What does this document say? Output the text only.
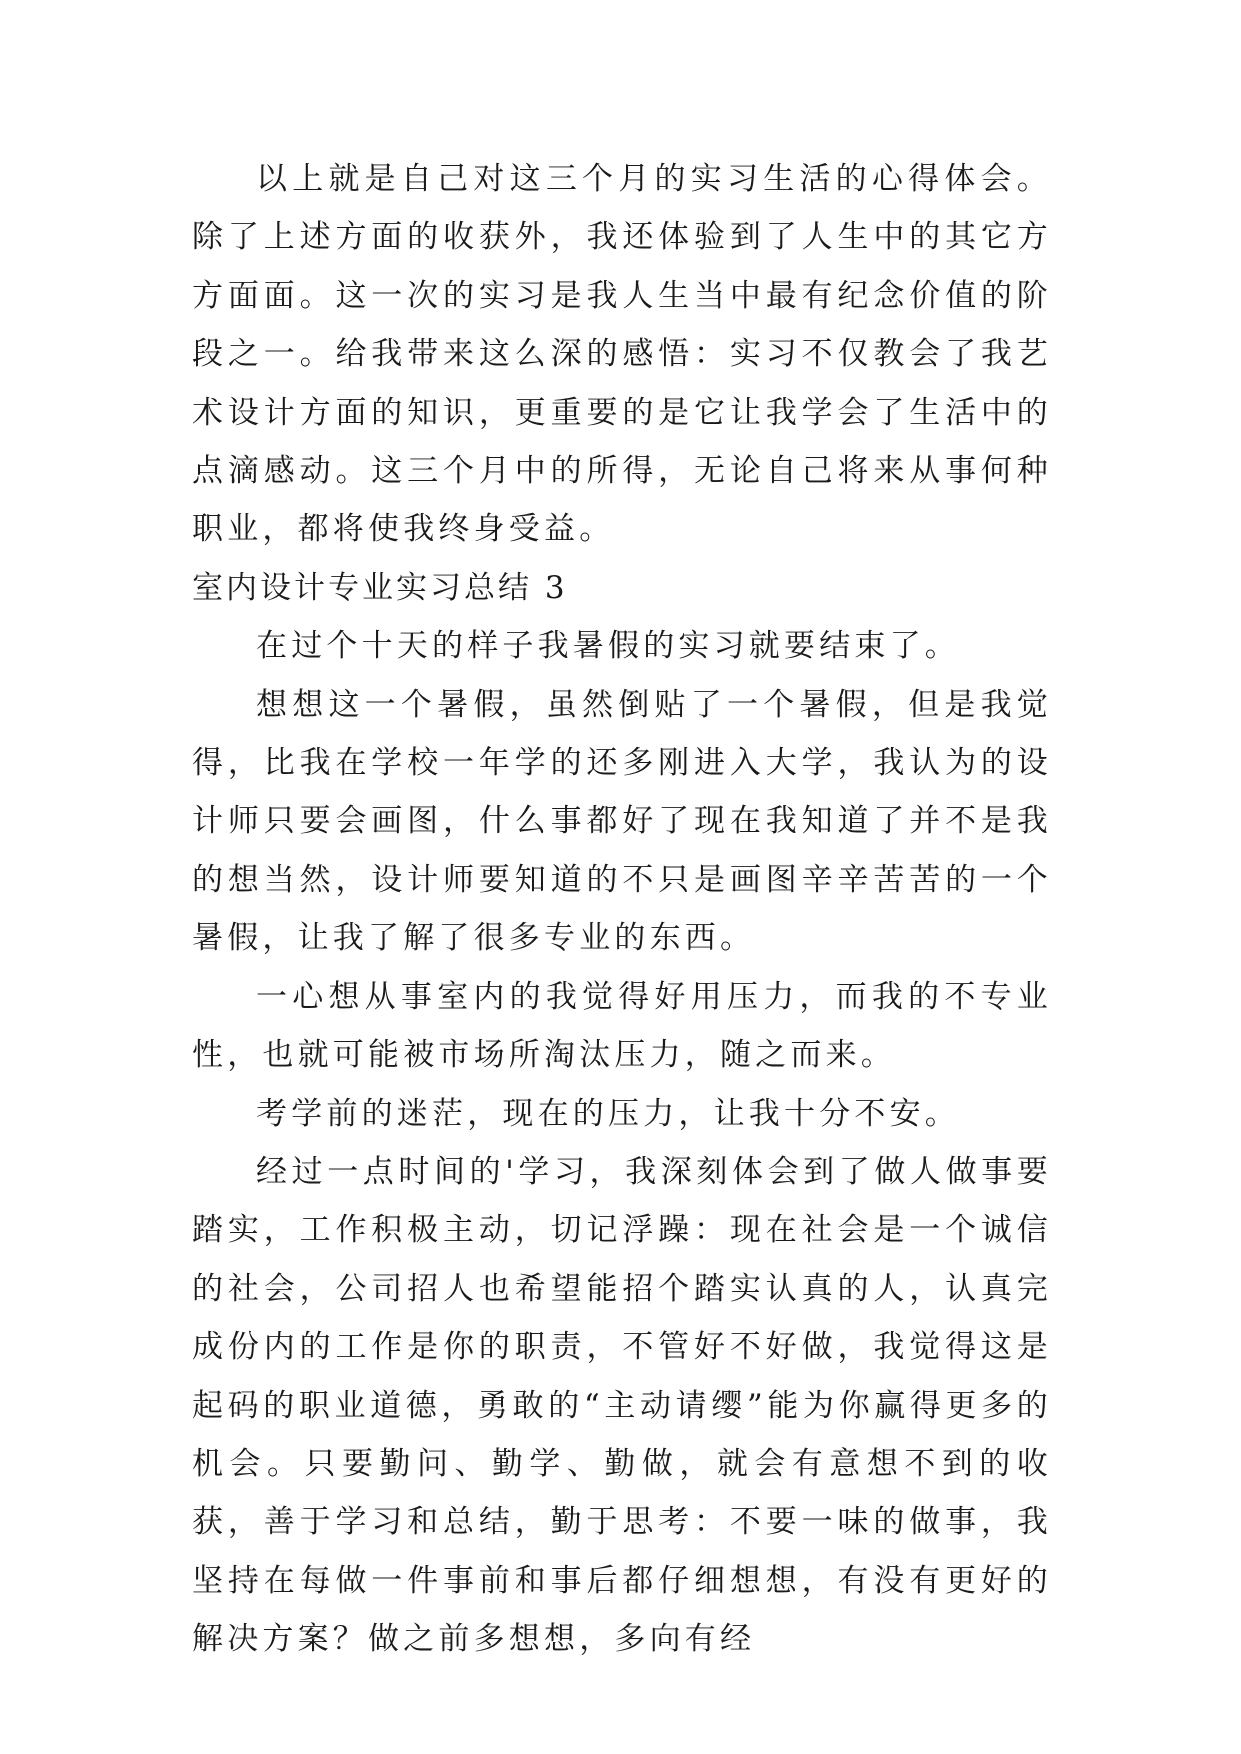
以上就是自己对这三个月的实习生活的心得体会。除了上述方面的收获外，我还体验到了人生中的其它方方面面。这一次的实习是我人生当中最有纪念价值的阶段之一。给我带来这么深的感悟：实习不仅教会了我艺术设计方面的知识，更重要的是它让我学会了生活中的点滴感动。这三个月中的所得，无论自己将来从事何种职业，都将使我终身受益。

室内设计专业实习总结 3

在过个十天的样子我暑假的实习就要结束了。

想想这一个暑假，虽然倒贴了一个暑假，但是我觉得，比我在学校一年学的还多刚进入大学，我认为的设计师只要会画图，什么事都好了现在我知道了并不是我的想当然，设计师要知道的不只是画图辛辛苦苦的一个暑假，让我了解了很多专业的东西。

一心想从事室内的我觉得好用压力，而我的不专业性，也就可能被市场所淘汰压力，随之而来。

考学前的迷茫，现在的压力，让我十分不安。

经过一点时间的'学习，我深刻体会到了做人做事要踏实，工作积极主动，切记浮躁：现在社会是一个诚信的社会，公司招人也希望能招个踏实认真的人，认真完成份内的工作是你的职责，不管好不好做，我觉得这是起码的职业道德，勇敢的“主动请缨”能为你赢得更多的机会。只要勤问、勤学、勤做，就会有意想不到的收获，善于学习和总结，勤于思考：不要一味的做事，我坚持在每做一件事前和事后都仔细想想，有没有更好的解决方案？做之前多想想，多向有经
